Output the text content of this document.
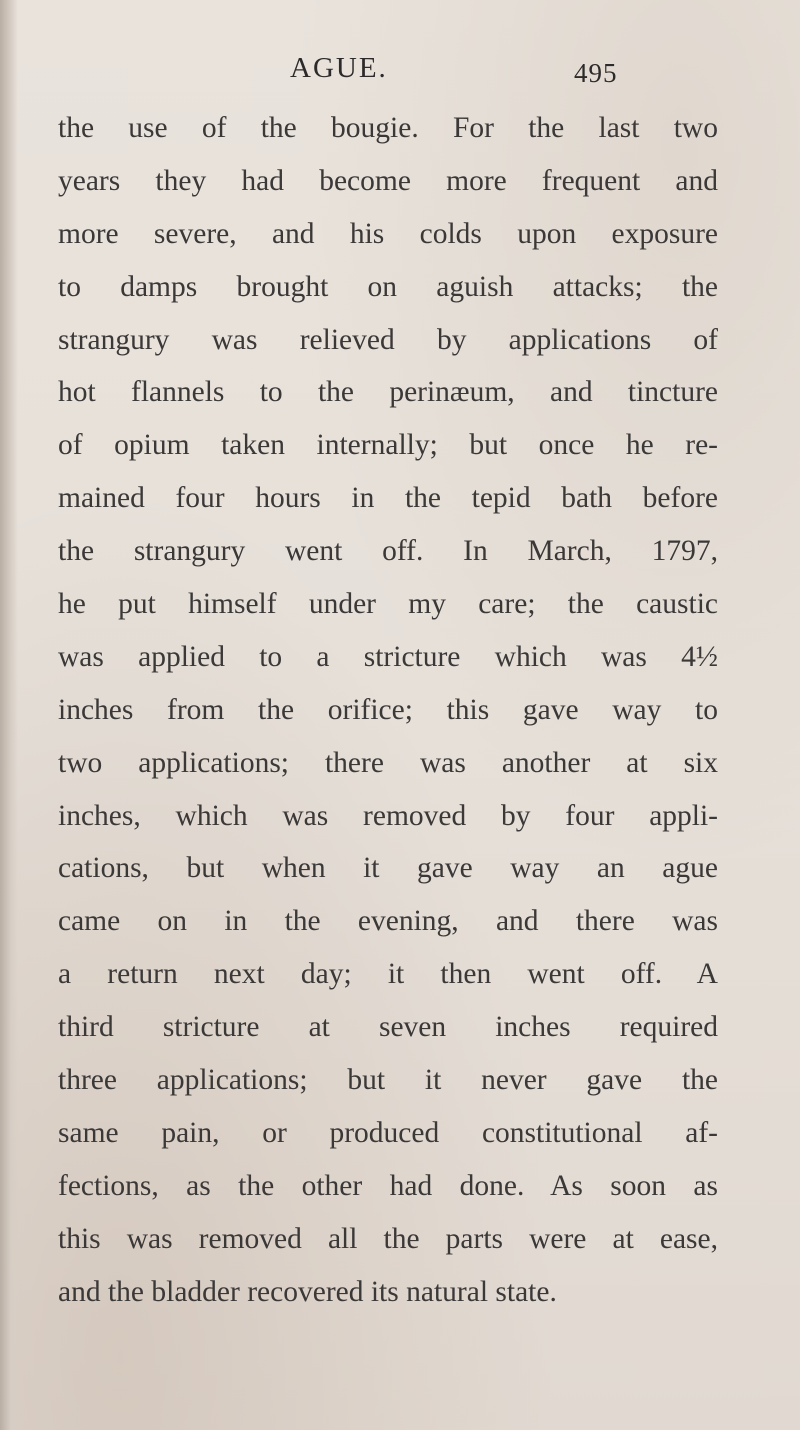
AGUE.	495
the use of the bougie. For the last two
years they had become more frequent and
more severe, and his colds upon exposure
to damps brought on aguish attacks; the
strangury was relieved by applications of
hot flannels to the perinæum, and tincture
of opium taken internally; but once he re-
mained four hours in the tepid bath before
the strangury went off. In March, 1797,
he put himself under my care; the caustic
was applied to a stricture which was 4½
inches from the orifice; this gave way to
two applications; there was another at six
inches, which was removed by four appli-
cations, but when it gave way an ague
came on in the evening, and there was
a return next day; it then went off. A
third stricture at seven inches required
three applications; but it never gave the
same pain, or produced constitutional af-
fections, as the other had done. As soon as
this was removed all the parts were at ease,
and the bladder recovered its natural state.
